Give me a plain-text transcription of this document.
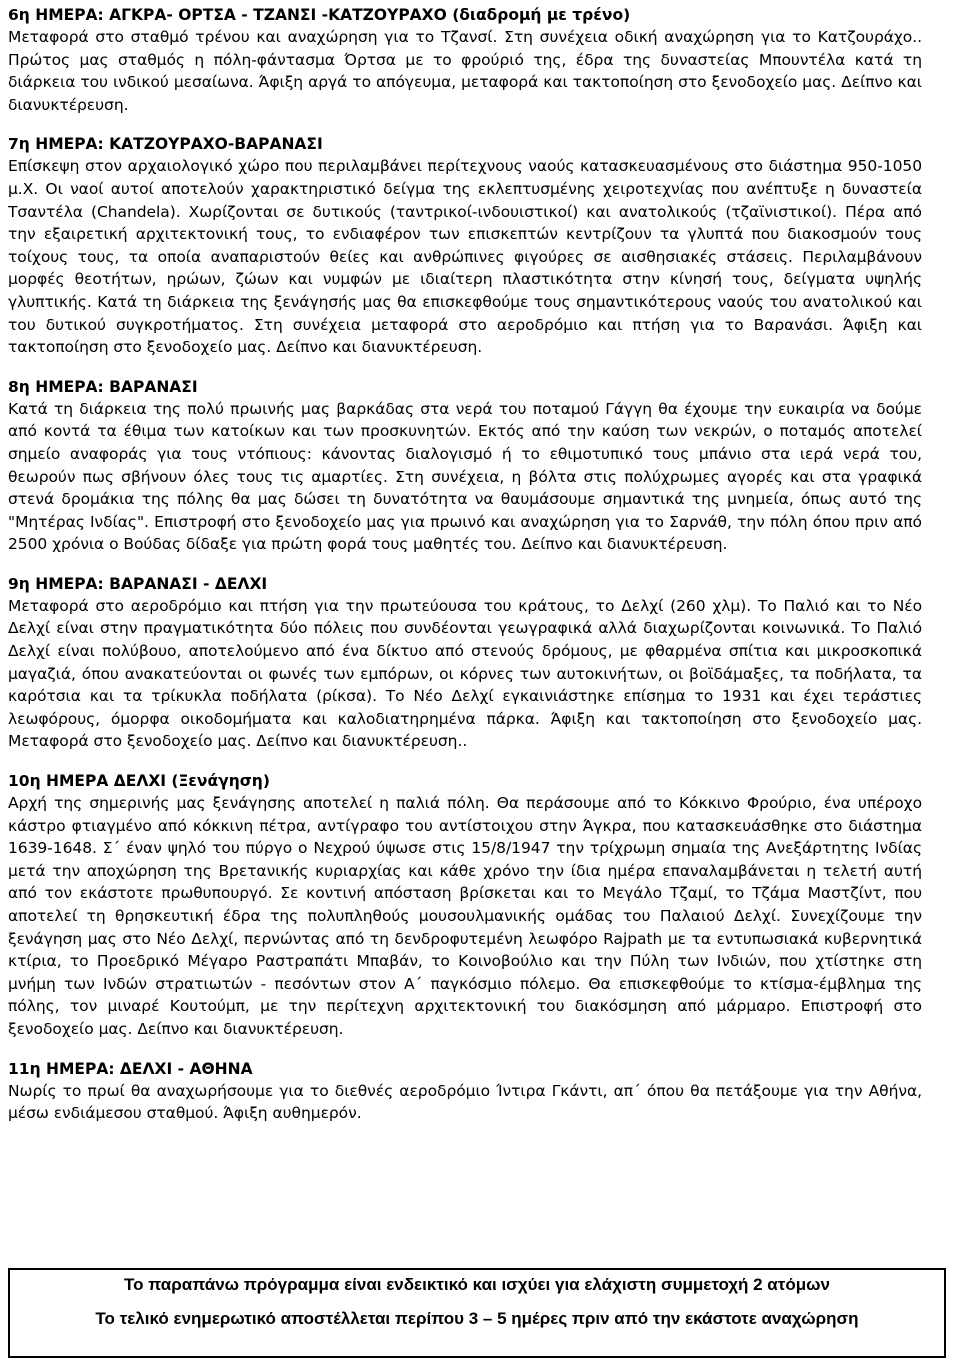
6η ΗΜΕΡΑ: ΑΓΚΡΑ- ΟΡΤΣΑ - ΤΖΑΝΣΙ -ΚΑΤΖΟΥΡΑΧΟ (διαδρομή με τρένο)

Μεταφορά στο σταθμό τρένου και αναχώρηση για το Τζανσί. Στη συνέχεια οδική αναχώρηση για το Κατζουράχο.. Πρώτος μας σταθμός η πόλη-φάντασμα Όρτσα με το φρούριό της, έδρα της δυναστείας Μπουντέλα κατά τη διάρκεια του ινδικού μεσαίωνα. Άφιξη αργά το απόγευμα, μεταφορά και τακτοποίηση στο ξενοδοχείο μας. Δείπνο και διανυκτέρευση.

7η ΗΜΕΡΑ: ΚΑΤΖΟΥΡΑΧΟ-ΒΑΡΑΝΑΣΙ

Επίσκεψη στον αρχαιολογικό χώρο που περιλαμβάνει περίτεχνους ναούς κατασκευασμένους στο διάστημα 950-1050 μ.Χ. Οι ναοί αυτοί αποτελούν χαρακτηριστικό δείγμα της εκλεπτυσμένης χειροτεχνίας που ανέπτυξε η δυναστεία Τσαντέλα (Chandela). Χωρίζονται σε δυτικούς (ταντρικοί-ινδουιστικοί) και ανατολικούς (τζαϊνιστικοί). Πέρα από την εξαιρετική αρχιτεκτονική τους, το ενδιαφέρον των επισκεπτών κεντρίζουν τα γλυπτά που διακοσμούν τους τοίχους τους, τα οποία αναπαριστούν θείες και ανθρώπινες φιγούρες σε αισθησιακές στάσεις. Περιλαμβάνουν μορφές θεοτήτων, ηρώων, ζώων και νυμφών με ιδιαίτερη πλαστικότητα στην κίνησή τους, δείγματα υψηλής γλυπτικής. Κατά τη διάρκεια της ξενάγησής μας θα επισκεφθούμε τους σημαντικότερους ναούς του ανατολικού και του δυτικού συγκροτήματος. Στη συνέχεια μεταφορά στο αεροδρόμιο και πτήση για το Βαρανάσι. Άφιξη και τακτοποίηση στο ξενοδοχείο μας. Δείπνο και διανυκτέρευση.

8η ΗΜΕΡΑ: ΒΑΡΑΝΑΣΙ

Κατά τη διάρκεια της πολύ πρωινής μας βαρκάδας στα νερά του ποταμού Γάγγη θα έχουμε την ευκαιρία να δούμε από κοντά τα έθιμα των κατοίκων και των προσκυνητών. Εκτός από την καύση των νεκρών, ο ποταμός αποτελεί σημείο αναφοράς για τους ντόπιους: κάνοντας διαλογισμό ή το εθιμοτυπικό τους μπάνιο στα ιερά νερά του, θεωρούν πως σβήνουν όλες τους τις αμαρτίες. Στη συνέχεια, η βόλτα στις πολύχρωμες αγορές και στα γραφικά στενά δρομάκια της πόλης θα μας δώσει τη δυνατότητα να θαυμάσουμε σημαντικά της μνημεία, όπως αυτό της "Μητέρας Ινδίας". Επιστροφή στο ξενοδοχείο μας για πρωινό και αναχώρηση για το Σαρνάθ, την πόλη όπου πριν από 2500 χρόνια ο Βούδας δίδαξε για πρώτη φορά τους μαθητές του. Δείπνο και διανυκτέρευση.

9η ΗΜΕΡΑ: ΒΑΡΑΝΑΣΙ - ΔΕΛΧΙ

Μεταφορά στο αεροδρόμιο και πτήση για την πρωτεύουσα του κράτους, το Δελχί (260 χλμ). Το Παλιό και το Νέο Δελχί είναι στην πραγματικότητα δύο πόλεις που συνδέονται γεωγραφικά αλλά διαχωρίζονται κοινωνικά. Το Παλιό Δελχί είναι πολύβουο, αποτελούμενο από ένα δίκτυο από στενούς δρόμους, με φθαρμένα σπίτια και μικροσκοπικά μαγαζιά, όπου ανακατεύονται οι φωνές των εμπόρων, οι κόρνες των αυτοκινήτων, οι βοϊδάμαξες, τα ποδήλατα, τα καρότσια και τα τρίκυκλα ποδήλατα (ρίκσα). Το Νέο Δελχί εγκαινιάστηκε επίσημα το 1931 και έχει τεράστιες λεωφόρους, όμορφα οικοδομήματα και καλοδιατηρημένα πάρκα. Άφιξη και τακτοποίηση στο ξενοδοχείο μας. Μεταφορά στο ξενοδοχείο μας. Δείπνο και διανυκτέρευση..

10η ΗΜΕΡΑ ΔΕΛΧΙ (Ξενάγηση)

Αρχή της σημερινής μας ξενάγησης αποτελεί η παλιά πόλη. Θα περάσουμε από το Κόκκινο Φρούριο, ένα υπέροχο κάστρο φτιαγμένο από κόκκινη πέτρα, αντίγραφο του αντίστοιχου στην Άγκρα, που κατασκευάσθηκε στο διάστημα 1639-1648. Σ΄ έναν ψηλό του πύργο ο Νεχρού ύψωσε στις 15/8/1947 την τρίχρωμη σημαία της Ανεξάρτητης Ινδίας μετά την αποχώρηση της Βρετανικής κυριαρχίας και κάθε χρόνο την ίδια ημέρα επαναλαμβάνεται η τελετή αυτή από τον εκάστοτε πρωθυπουργό. Σε κοντινή απόσταση βρίσκεται και το Μεγάλο Τζαμί, το Τζάμα Μαστζίντ, που αποτελεί τη θρησκευτική έδρα της πολυπληθούς μουσουλμανικής ομάδας του Παλαιού Δελχί. Συνεχίζουμε την ξενάγηση μας στο Νέο Δελχί, περνώντας από τη δενδροφυτεμένη λεωφόρο Rajpath με τα εντυπωσιακά κυβερνητικά κτίρια, το Προεδρικό Μέγαρο Ραστραπάτι Μπαβάν, το Κοινοβούλιο και την Πύλη των Ινδιών, που χτίστηκε στη μνήμη των Ινδών στρατιωτών - πεσόντων στον Α΄ παγκόσμιο πόλεμο. Θα επισκεφθούμε το κτίσμα-έμβλημα της πόλης, τον μιναρέ Κουτούμπ, με την περίτεχνη αρχιτεκτονική του διακόσμηση από μάρμαρο. Επιστροφή στο ξενοδοχείο μας. Δείπνο και διανυκτέρευση.

11η ΗΜΕΡΑ: ΔΕΛΧΙ - ΑΘΗΝΑ

Νωρίς το πρωί θα αναχωρήσουμε για το διεθνές αεροδρόμιο Ίντιρα Γκάντι, απ΄ όπου θα πετάξουμε για την Αθήνα, μέσω ενδιάμεσου σταθμού. Άφιξη αυθημερόν.

Το παραπάνω πρόγραμμα είναι ενδεικτικό και ισχύει για ελάχιστη συμμετοχή 2 ατόμων

Το τελικό ενημερωτικό αποστέλλεται περίπου 3 – 5 ημέρες πριν από την εκάστοτε αναχώρηση
